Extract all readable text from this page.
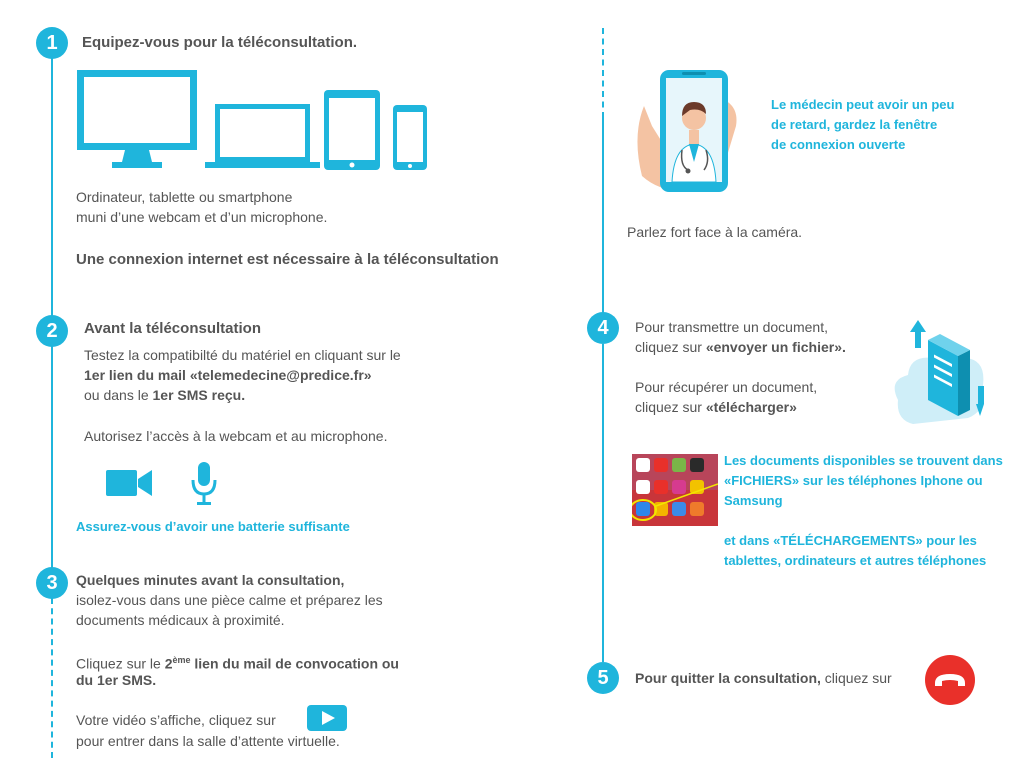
1
2
3
Equipez-vous pour la téléconsultation.
Ordinateur, tablette ou smartphone
muni d’une webcam et d’un microphone.
Une connexion internet est nécessaire à la téléconsultation
Avant la téléconsultation
Testez la compatibilté du matériel en cliquant sur le
1er lien du mail «telemedecine@predice.fr»
ou dans le 1er SMS reçu.
Autorisez l’accès à la webcam et au microphone.
Assurez-vous d’avoir une batterie suffisante
Quelques minutes avant la consultation,
isolez-vous dans une pièce calme et préparez les
documents médicaux à proximité.
Cliquez sur le 2ème lien du mail de convocation ou
du 1er SMS.
Votre vidéo s’affiche, cliquez sur
pour entrer dans la salle d’attente virtuelle.
4
5
Le médecin peut avoir un peu
de retard, gardez la fenêtre
de connexion ouverte
Parlez fort face à la caméra.
Pour transmettre un document,
cliquez sur «envoyer un fichier».
Pour récupérer un document,
cliquez sur «télécharger»
Les documents disponibles se trouvent dans
«FICHIERS» sur les téléphones Iphone ou
Samsung
et dans «TÉLÉCHARGEMENTS» pour les
tablettes, ordinateurs et autres téléphones
Pour quitter la consultation, cliquez sur
